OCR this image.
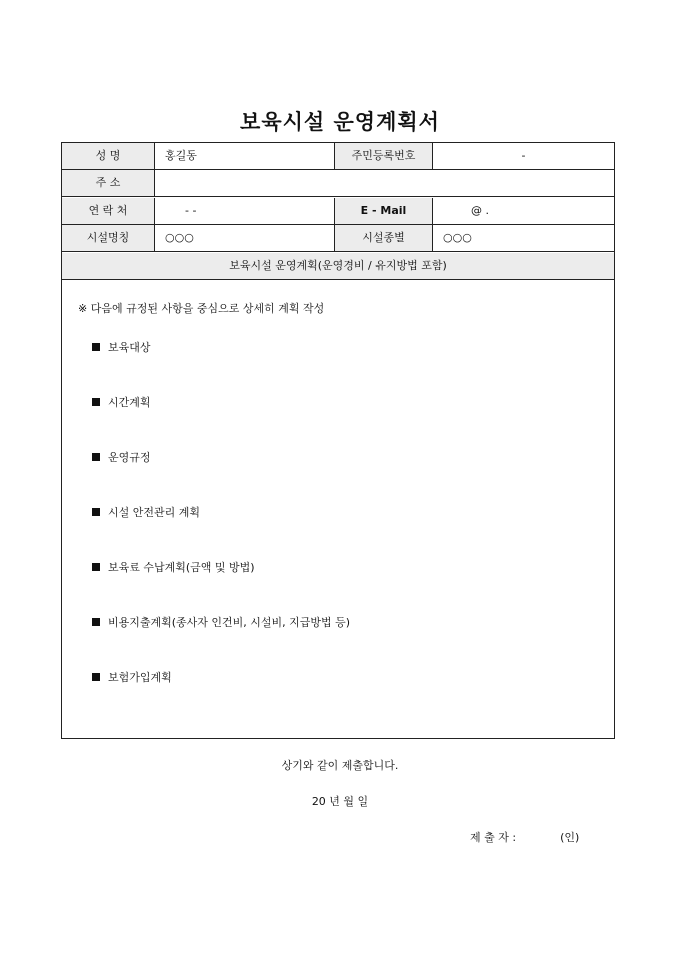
보육시설 운영계획서
성 명	홍길동	주민등록번호	-
주 소
연 락 처	- -	E - Mail	@ .
시설명칭	○○○	시설종별	○○○
보육시설 운영계획(운영경비 / 유지방법 포함)
※ 다음에 규정된 사항을 중심으로 상세히 계획 작성
보육대상
시간계획
운영규정
시설 안전관리 계획
보육료 수납계획(금액 및 방법)
비용지출계획(종사자 인건비, 시설비, 지급방법 등)
보험가입계획
상기와 같이 제출합니다.
20 년 월 일
제 출 자 :	(인)
